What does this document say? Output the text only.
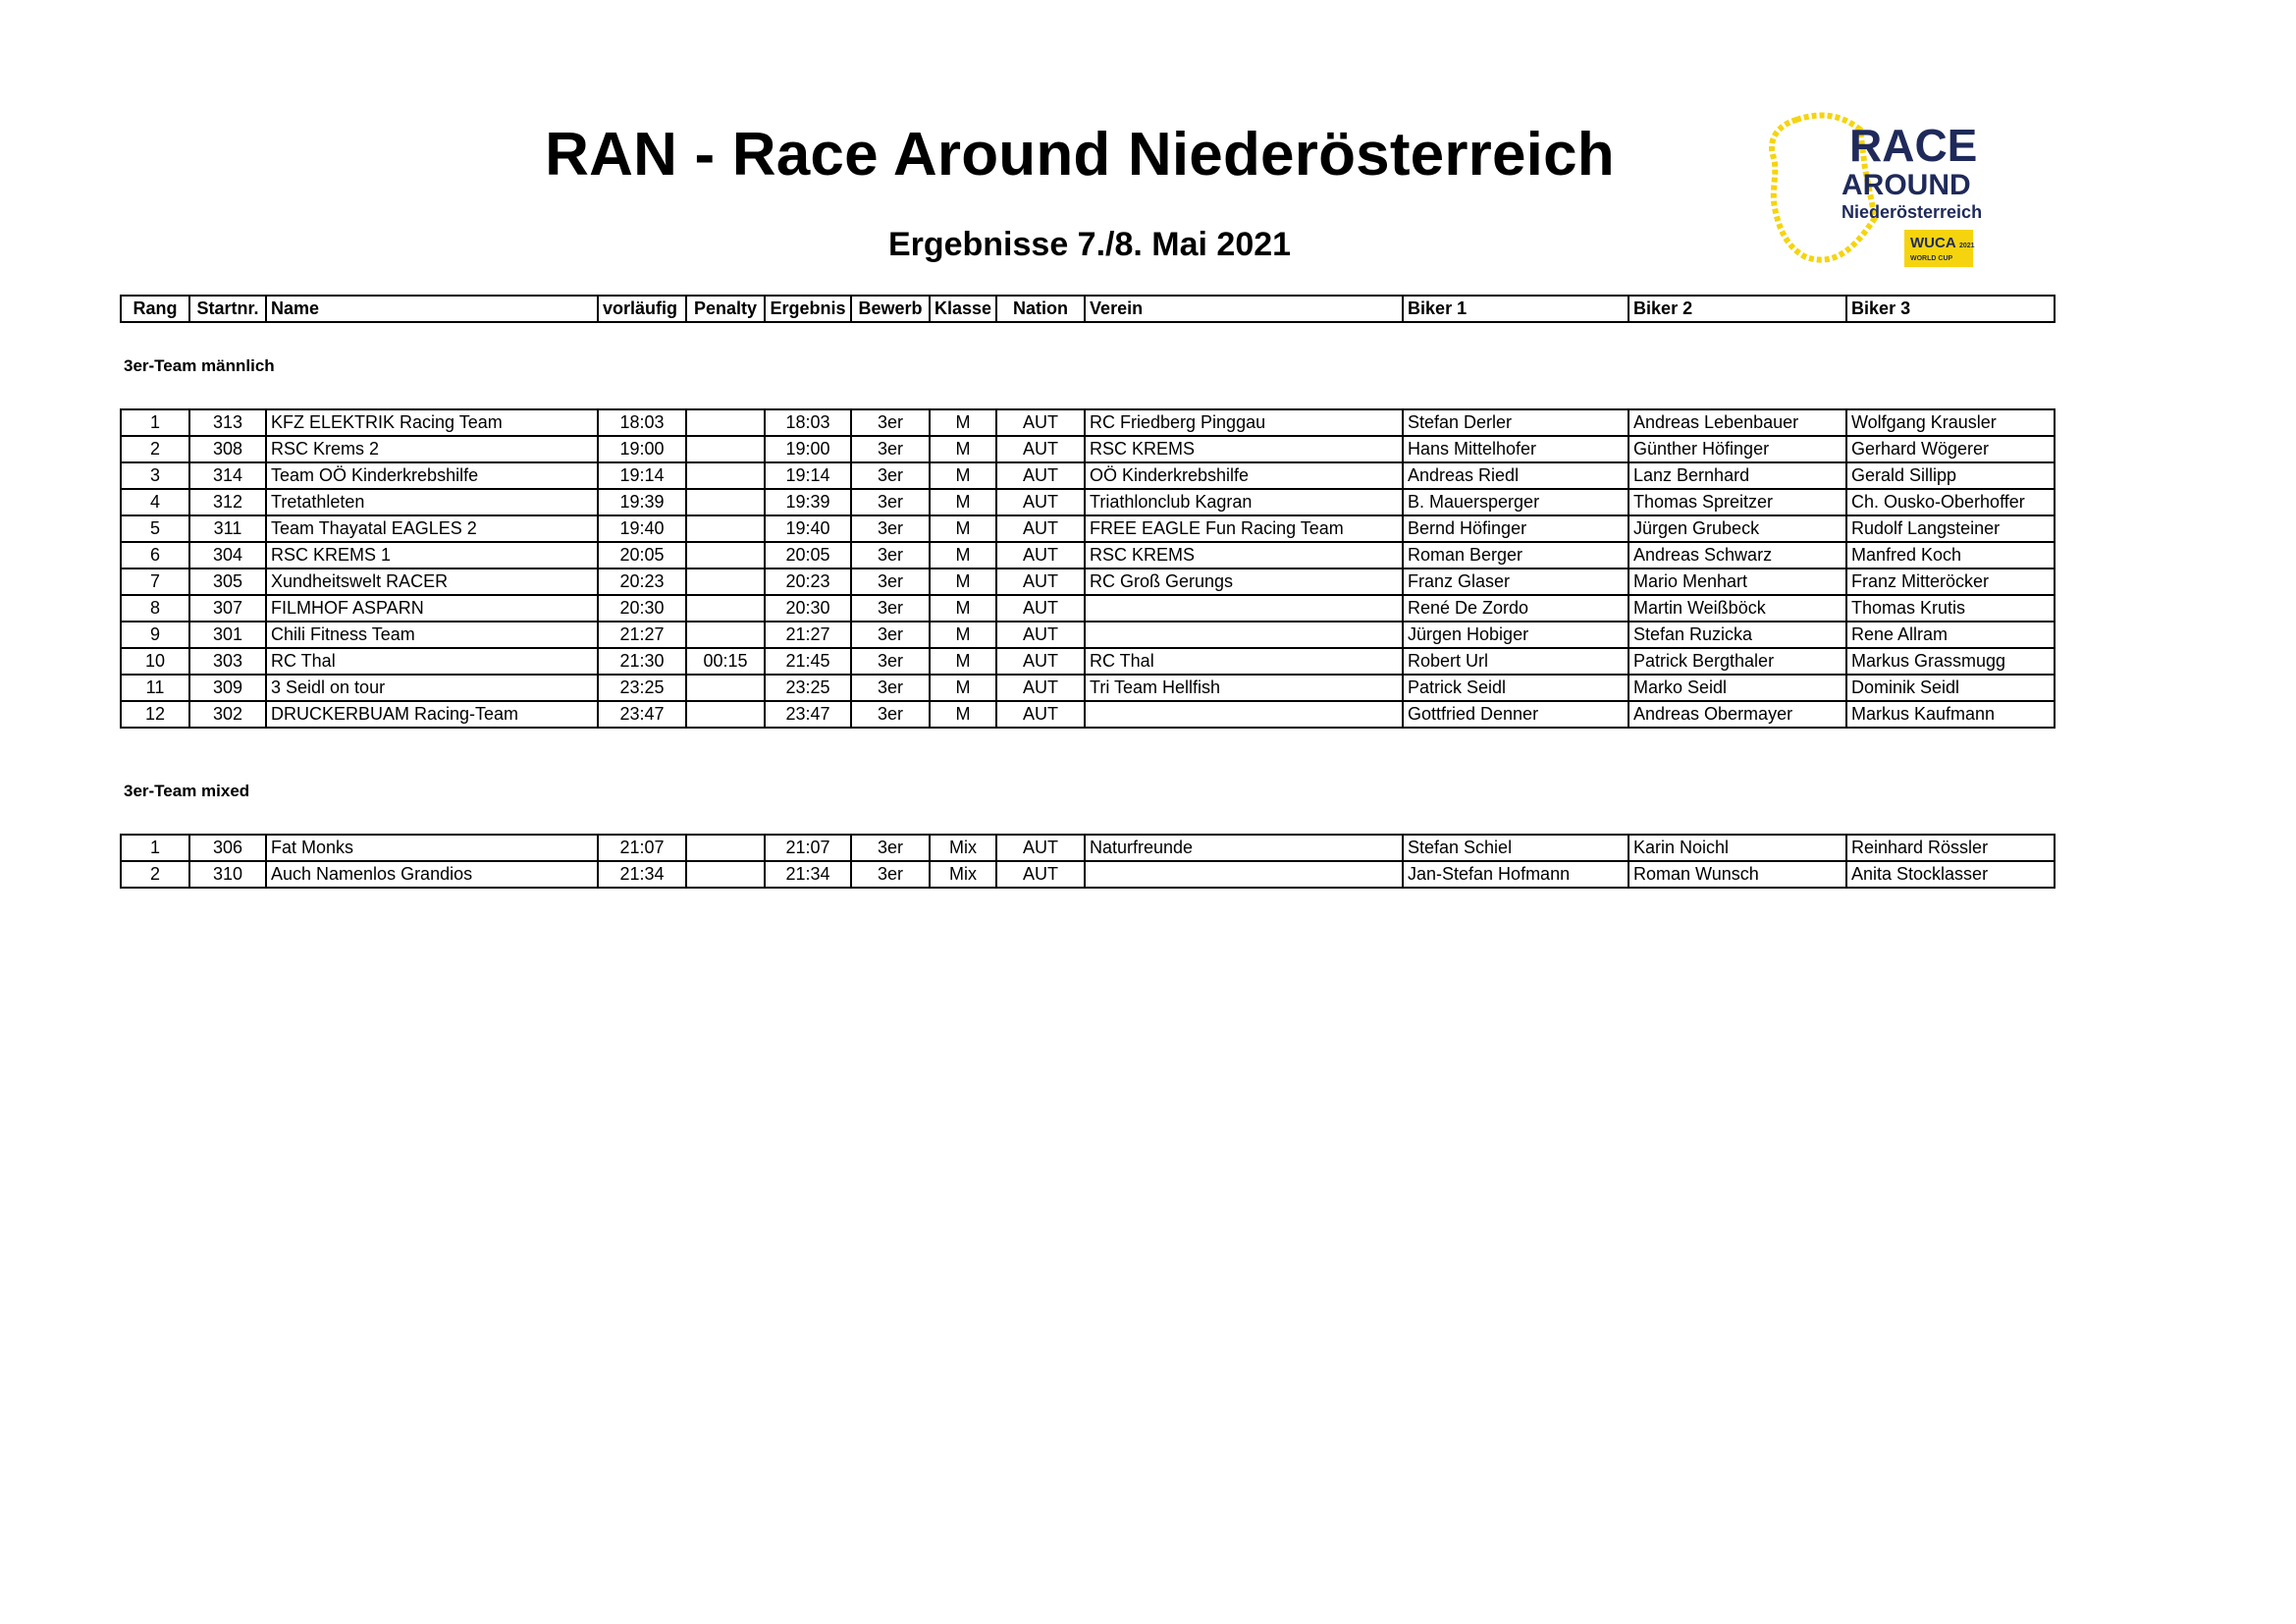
RAN - Race Around Niederösterreich
Ergebnisse 7./8. Mai 2021
RACE
AROUND
Niederösterreich
WUCA
WORLD CUP
2021
Rang	Startnr.	Name	vorläufig	Penalty	Ergebnis	Bewerb	Klasse	Nation	Verein	Biker 1	Biker 2	Biker 3
3er-Team männlich
1	313	KFZ ELEKTRIK Racing Team	18:03		18:03	3er	M	AUT	RC Friedberg Pinggau	Stefan Derler	Andreas Lebenbauer	Wolfgang Krausler
2	308	RSC Krems 2	19:00		19:00	3er	M	AUT	RSC KREMS	Hans Mittelhofer	Günther Höfinger	Gerhard Wögerer
3	314	Team OÖ Kinderkrebshilfe	19:14		19:14	3er	M	AUT	OÖ Kinderkrebshilfe	Andreas Riedl	Lanz Bernhard	Gerald Sillipp
4	312	Tretathleten	19:39		19:39	3er	M	AUT	Triathlonclub Kagran	B. Mauersperger	Thomas Spreitzer	Ch. Ousko-Oberhoffer
5	311	Team Thayatal EAGLES 2	19:40		19:40	3er	M	AUT	FREE EAGLE Fun Racing Team	Bernd Höfinger	Jürgen Grubeck	Rudolf Langsteiner
6	304	RSC KREMS 1	20:05		20:05	3er	M	AUT	RSC KREMS	Roman Berger	Andreas Schwarz	Manfred Koch
7	305	Xundheitswelt RACER	20:23		20:23	3er	M	AUT	RC Groß Gerungs	Franz Glaser	Mario Menhart	Franz Mitteröcker
8	307	FILMHOF ASPARN	20:30		20:30	3er	M	AUT		René De Zordo	Martin Weißböck	Thomas Krutis
9	301	Chili Fitness Team	21:27		21:27	3er	M	AUT		Jürgen Hobiger	Stefan Ruzicka	Rene Allram
10	303	RC Thal	21:30	00:15	21:45	3er	M	AUT	RC Thal	Robert Url	Patrick Bergthaler	Markus Grassmugg
11	309	3 Seidl on tour	23:25		23:25	3er	M	AUT	Tri Team Hellfish	Patrick Seidl	Marko Seidl	Dominik Seidl
12	302	DRUCKERBUAM Racing-Team	23:47		23:47	3er	M	AUT		Gottfried Denner	Andreas Obermayer	Markus Kaufmann
3er-Team mixed
1	306	Fat Monks	21:07		21:07	3er	Mix	AUT	Naturfreunde	Stefan Schiel	Karin Noichl	Reinhard Rössler
2	310	Auch Namenlos Grandios	21:34		21:34	3er	Mix	AUT		Jan-Stefan Hofmann	Roman Wunsch	Anita Stocklasser
